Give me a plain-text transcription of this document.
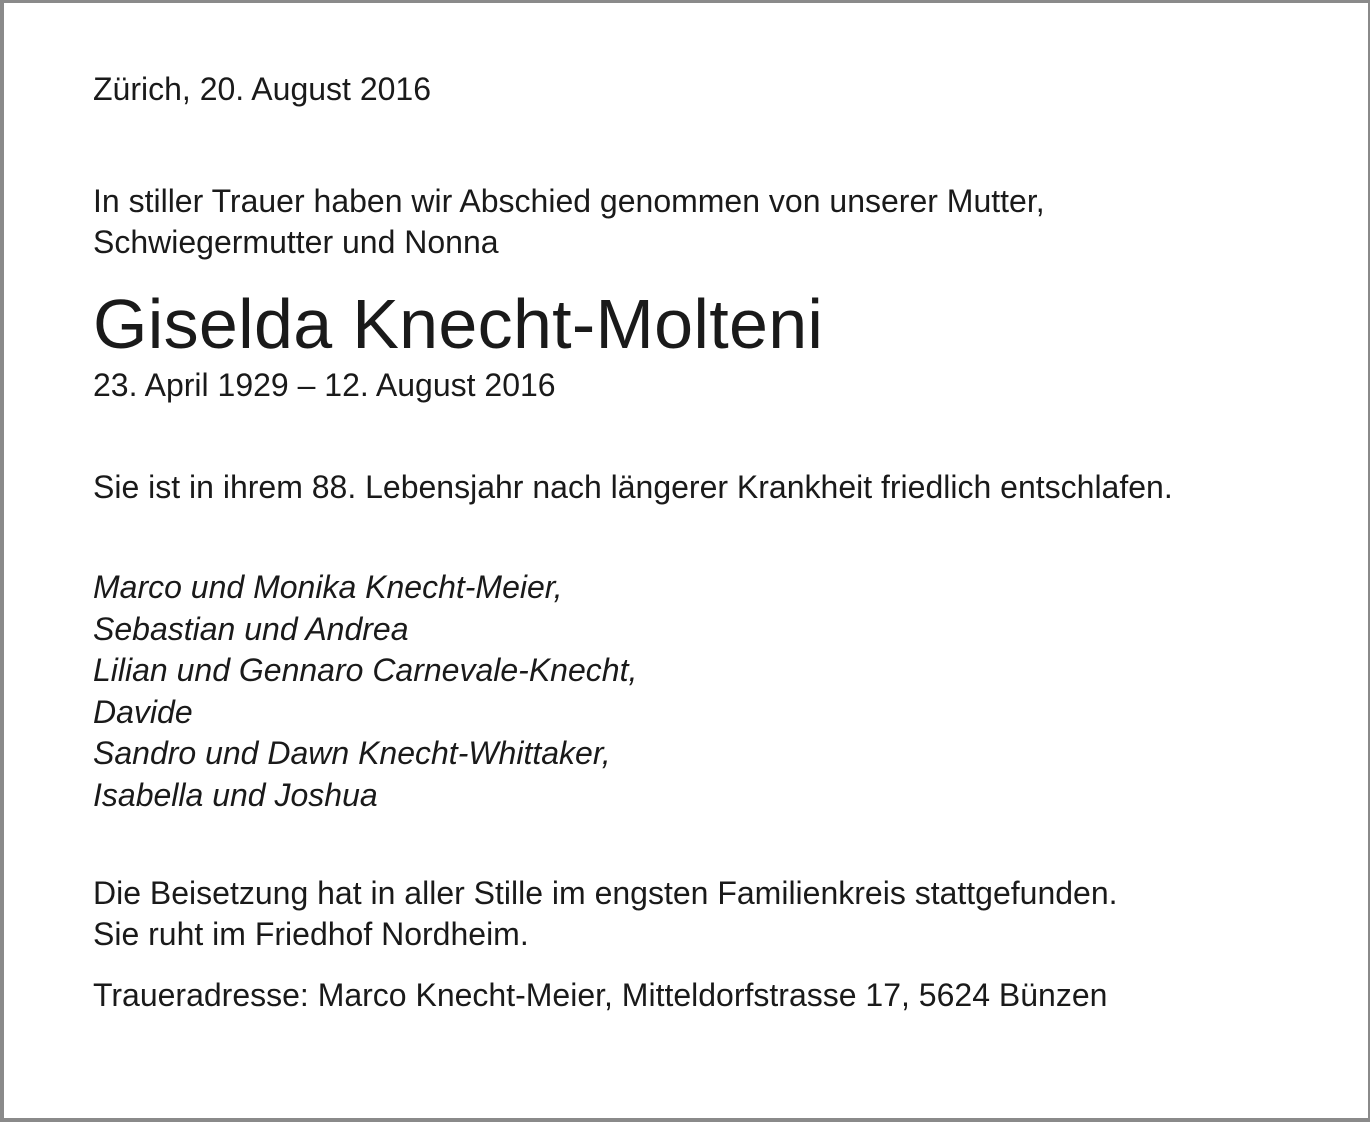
Zürich, 20. August 2016

In stiller Trauer haben wir Abschied genommen von unserer Mutter,

Schwiegermutter und Nonna

Giselda Knecht-Molteni

23. April 1929 – 12. August 2016

Sie ist in ihrem 88. Lebensjahr nach längerer Krankheit friedlich entschlafen.

Marco und Monika Knecht-Meier,
Sebastian und Andrea
Lilian und Gennaro Carnevale-Knecht,
Davide
Sandro und Dawn Knecht-Whittaker,
Isabella und Joshua

Die Beisetzung hat in aller Stille im engsten Familienkreis stattgefunden.

Sie ruht im Friedhof Nordheim.

Traueradresse: Marco Knecht-Meier, Mitteldorfstrasse 17, 5624 Bünzen
